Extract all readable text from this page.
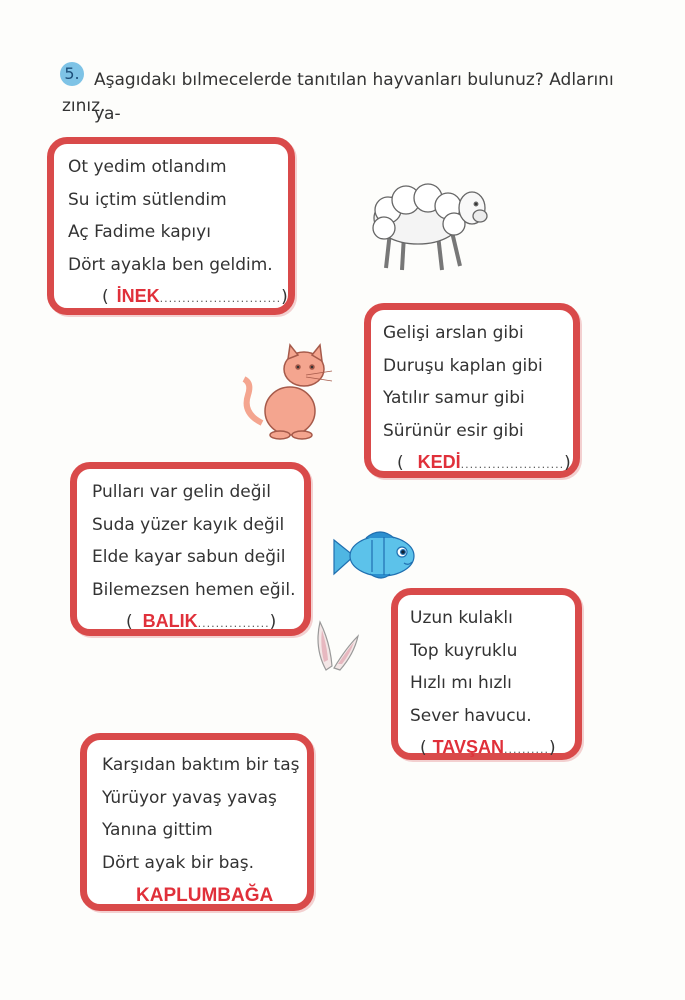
5. Aşagıdakı bılmecelerde tanıtılan hayvanları bulunuz? Adlarını ya-
zınız.
Ot yedim otlandım
Su içtim sütlendim
Aç Fadime kapıyı
Dört ayakla ben geldim.
( İNEK...........................)
Gelişi arslan gibi
Duruşu kaplan gibi
Yatılır samur gibi
Sürünür esir gibi
( KEDİ.......................)
Pulları var gelin değil
Suda yüzer kayık değil
Elde kayar sabun değil
Bilemezsen hemen eğil.
( BALIK................)	Uzun kulaklı
Top kuyruklu
Hızlı mı hızlı
Sever havucu.
( TAVŞAN..........)
Karşıdan baktım bir taş
Yürüyor yavaş yavaş
Yanına gittim
Dört ayak bir baş.
KAPLUMBAĞA
